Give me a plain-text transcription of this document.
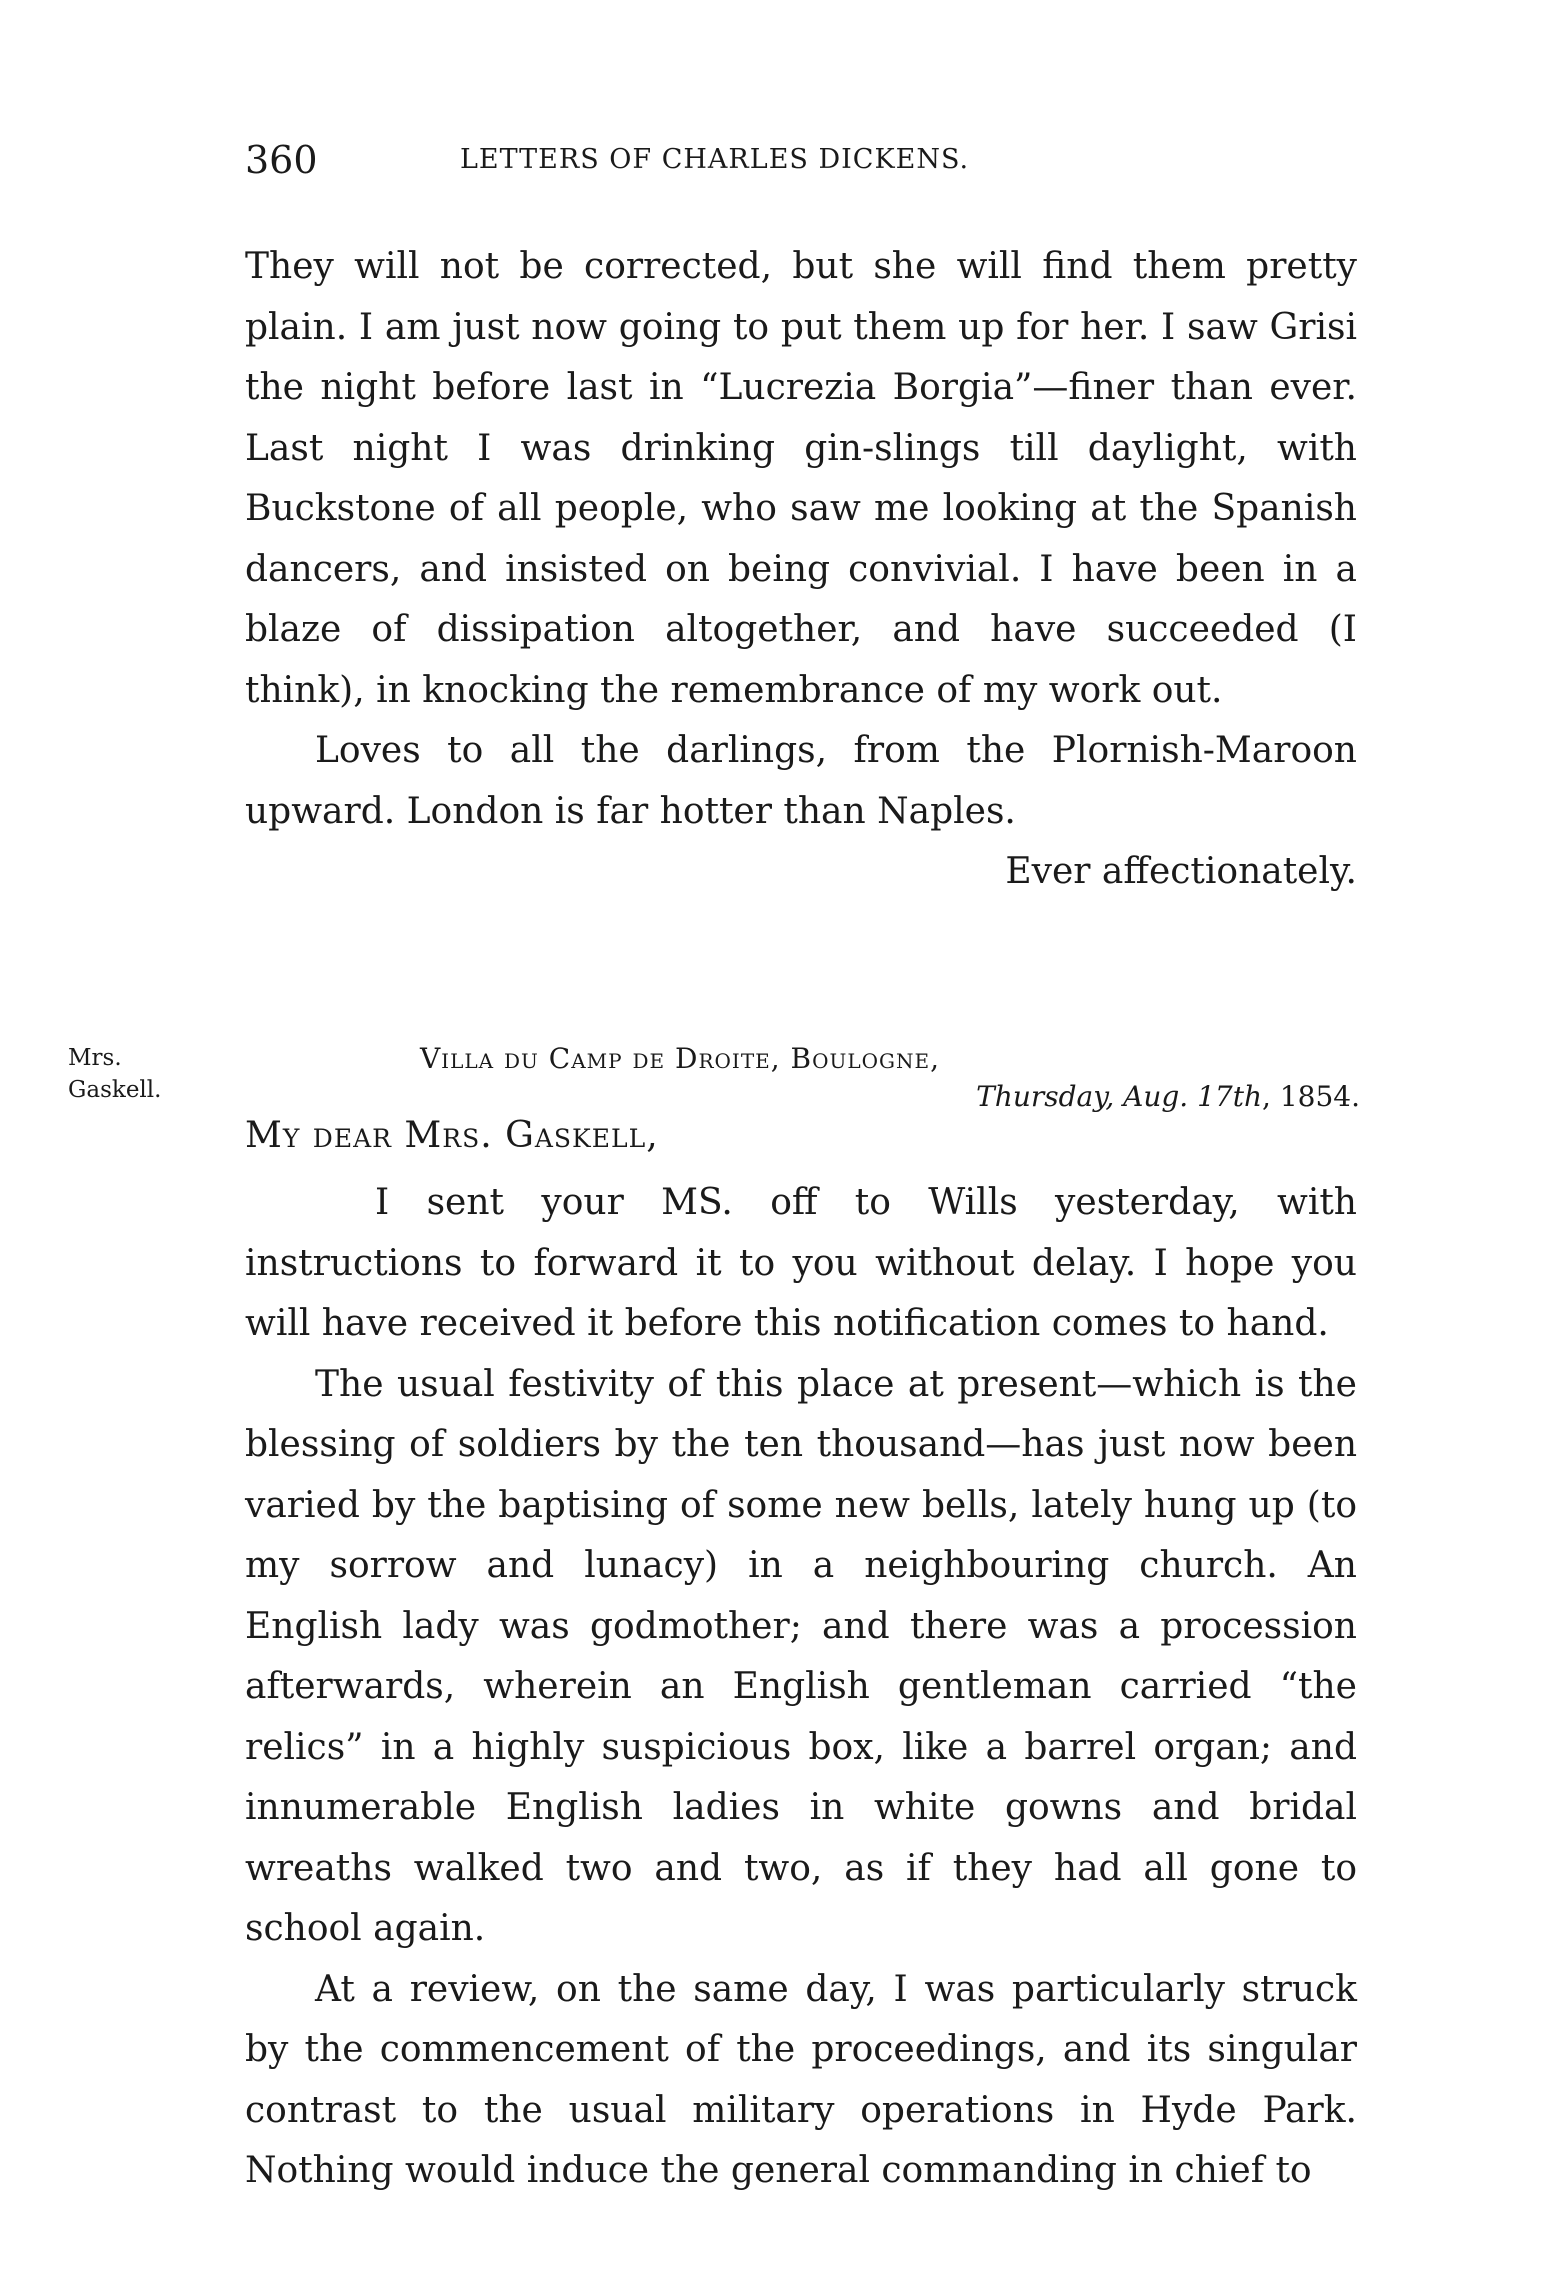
360	LETTERS OF CHARLES DICKENS.

They will not be corrected, but she will find them pretty plain. I am just now going to put them up for her. I saw Grisi the night before last in “Lucrezia Borgia”—finer than ever. Last night I was drinking gin-slings till daylight, with Buckstone of all people, who saw me looking at the Spanish dancers, and insisted on being convivial. I have been in a blaze of dissipation altogether, and have succeeded (I think), in knocking the remembrance of my work out.

Loves to all the darlings, from the Plornish-Maroon upward. London is far hotter than Naples.

Ever affectionately.

Mrs.
Gaskell.
Villa du Camp de Droite, Boulogne,
Thursday, Aug. 17th, 1854.
My dear Mrs. Gaskell,

I sent your MS. off to Wills yesterday, with instructions to forward it to you without delay. I hope you will have received it before this notification comes to hand.

The usual festivity of this place at present—which is the blessing of soldiers by the ten thousand—has just now been varied by the baptising of some new bells, lately hung up (to my sorrow and lunacy) in a neighbouring church. An English lady was godmother; and there was a procession afterwards, wherein an English gentleman carried “the relics” in a highly suspicious box, like a barrel organ; and innumerable English ladies in white gowns and bridal wreaths walked two and two, as if they had all gone to school again.

At a review, on the same day, I was particularly struck by the commencement of the proceedings, and its singular contrast to the usual military operations in Hyde Park. Nothing would induce the general commanding in chief to
